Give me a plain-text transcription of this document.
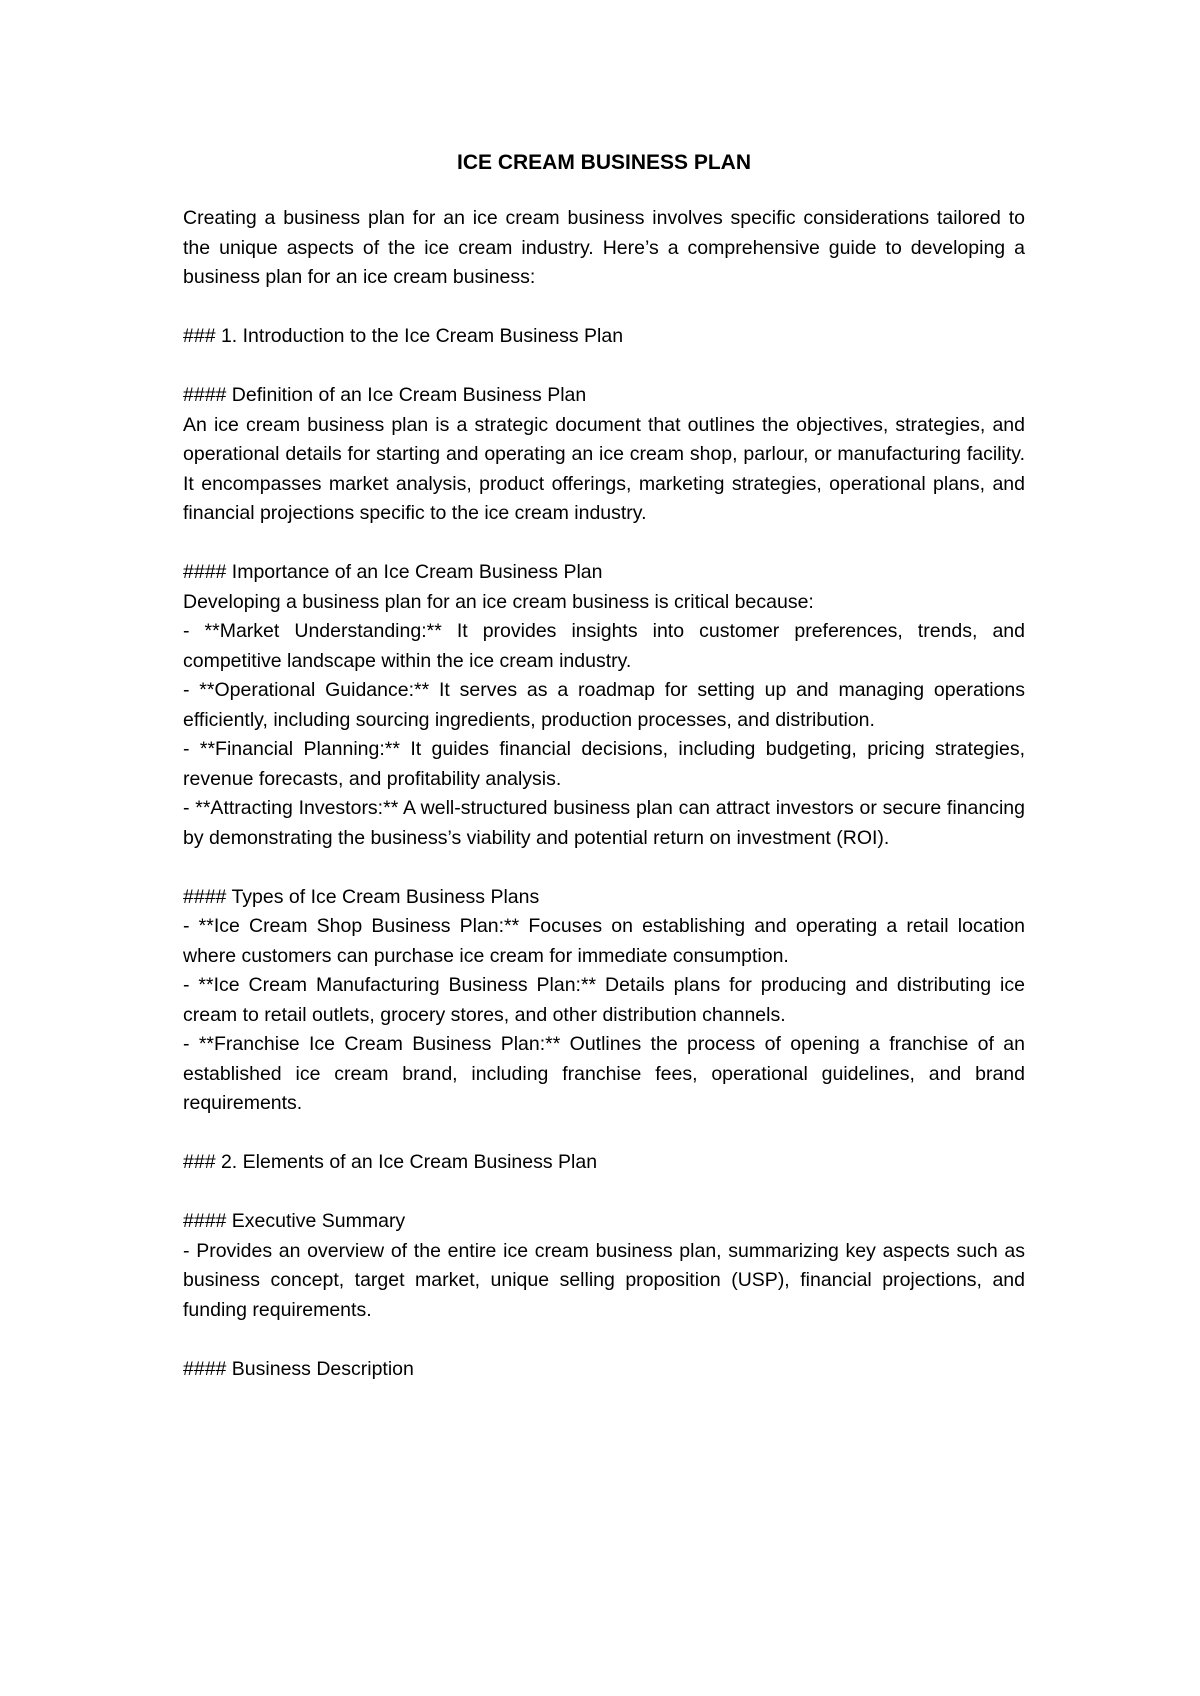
ICE CREAM BUSINESS PLAN

Creating a business plan for an ice cream business involves specific considerations tailored to the unique aspects of the ice cream industry. Here’s a comprehensive guide to developing a business plan for an ice cream business:

### 1. Introduction to the Ice Cream Business Plan

#### Definition of an Ice Cream Business Plan

An ice cream business plan is a strategic document that outlines the objectives, strategies, and operational details for starting and operating an ice cream shop, parlour, or manufacturing facility. It encompasses market analysis, product offerings, marketing strategies, operational plans, and financial projections specific to the ice cream industry.

#### Importance of an Ice Cream Business Plan

Developing a business plan for an ice cream business is critical because:

- **Market Understanding:** It provides insights into customer preferences, trends, and competitive landscape within the ice cream industry.

- **Operational Guidance:** It serves as a roadmap for setting up and managing operations efficiently, including sourcing ingredients, production processes, and distribution.

- **Financial Planning:** It guides financial decisions, including budgeting, pricing strategies, revenue forecasts, and profitability analysis.

- **Attracting Investors:** A well-structured business plan can attract investors or secure financing by demonstrating the business’s viability and potential return on investment (ROI).

#### Types of Ice Cream Business Plans

- **Ice Cream Shop Business Plan:** Focuses on establishing and operating a retail location where customers can purchase ice cream for immediate consumption.

- **Ice Cream Manufacturing Business Plan:** Details plans for producing and distributing ice cream to retail outlets, grocery stores, and other distribution channels.

- **Franchise Ice Cream Business Plan:** Outlines the process of opening a franchise of an established ice cream brand, including franchise fees, operational guidelines, and brand requirements.

### 2. Elements of an Ice Cream Business Plan

#### Executive Summary

- Provides an overview of the entire ice cream business plan, summarizing key aspects such as business concept, target market, unique selling proposition (USP), financial projections, and funding requirements.

#### Business Description
